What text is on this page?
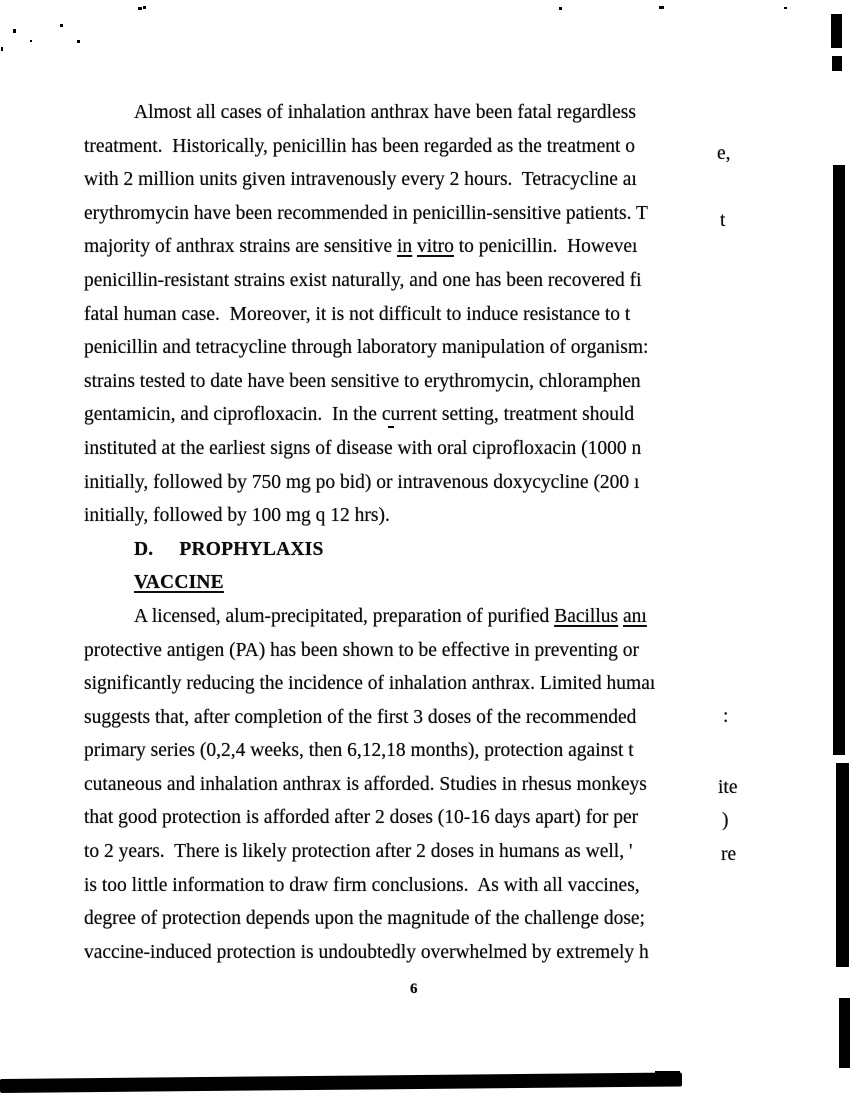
Almost all cases of inhalation anthrax have been fatal regardless
treatment.  Historically, penicillin has been regarded as the treatment o
with 2 million units given intravenously every 2 hours.  Tetracycline aı
erythromycin have been recommended in penicillin-sensitive patients. T
majority of anthrax strains are sensitive in vitro to penicillin.  Howeveı
penicillin-resistant strains exist naturally, and one has been recovered fi
fatal human case.  Moreover, it is not difficult to induce resistance to t
penicillin and tetracycline through laboratory manipulation of organism:
strains tested to date have been sensitive to erythromycin, chloramphen
gentamicin, and ciprofloxacin.  In the current setting, treatment should
instituted at the earliest signs of disease with oral ciprofloxacin (1000 n
initially, followed by 750 mg po bid) or intravenous doxycycline (200 ı
initially, followed by 100 mg q 12 hrs).
D. PROPHYLAXIS
VACCINE
A licensed, alum-precipitated, preparation of purified Bacillus anı
protective antigen (PA) has been shown to be effective in preventing or
significantly reducing the incidence of inhalation anthrax. Limited humaı
suggests that, after completion of the first 3 doses of the recommended
primary series (0,2,4 weeks, then 6,12,18 months), protection against t
cutaneous and inhalation anthrax is afforded. Studies in rhesus monkeys
that good protection is afforded after 2 doses (10-16 days apart) for per
to 2 years.  There is likely protection after 2 doses in humans as well, '
is too little information to draw firm conclusions.  As with all vaccines,
degree of protection depends upon the magnitude of the challenge dose;
vaccine-induced protection is undoubtedly overwhelmed by extremely h
e,
t
:
ite
)
re
6
